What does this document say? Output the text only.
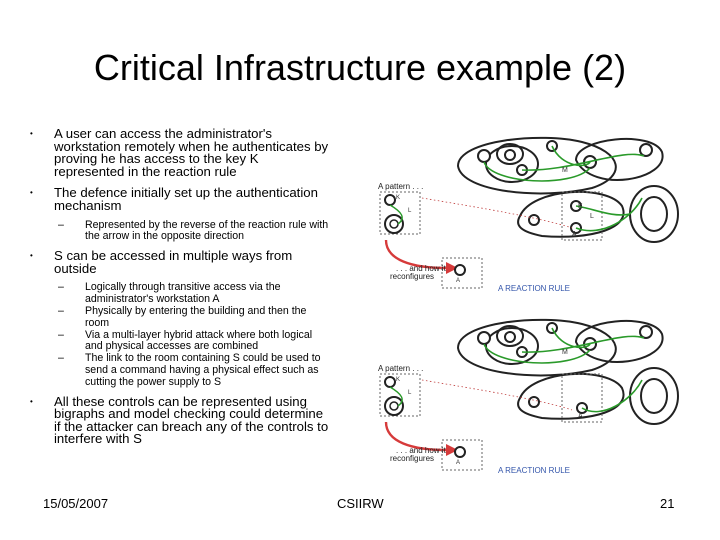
Critical Infrastructure example (2)
• A user can access the administrator's workstation remotely when he authenticates by proving he has access to the key K represented in the reaction rule
• The defence initially set up the authentication mechanism
– Represented by the reverse of the reaction rule with the arrow in the opposite direction
• S can be accessed in multiple ways from outside
– Logically through transitive access via the administrator's workstation A
– Physically by entering the building and then the room
– Via a multi-layer hybrid attack where both logical and physical accesses are combined
– The link to the room containing S could be used to send a command having a physical effect such as cutting the power supply to S
• All these controls can be represented using bigraphs and model checking could determine if the attacker can breach any of the controls to interfere with S
M
K
L
A
A pattern . . .
K
L
. . . and how it
reconfigures	A
A REACTION RULE
M
A
A pattern . . .
K
L
. . . and how it
reconfigures	A
A REACTION RULE
15/05/2007	CSIIRW	21
